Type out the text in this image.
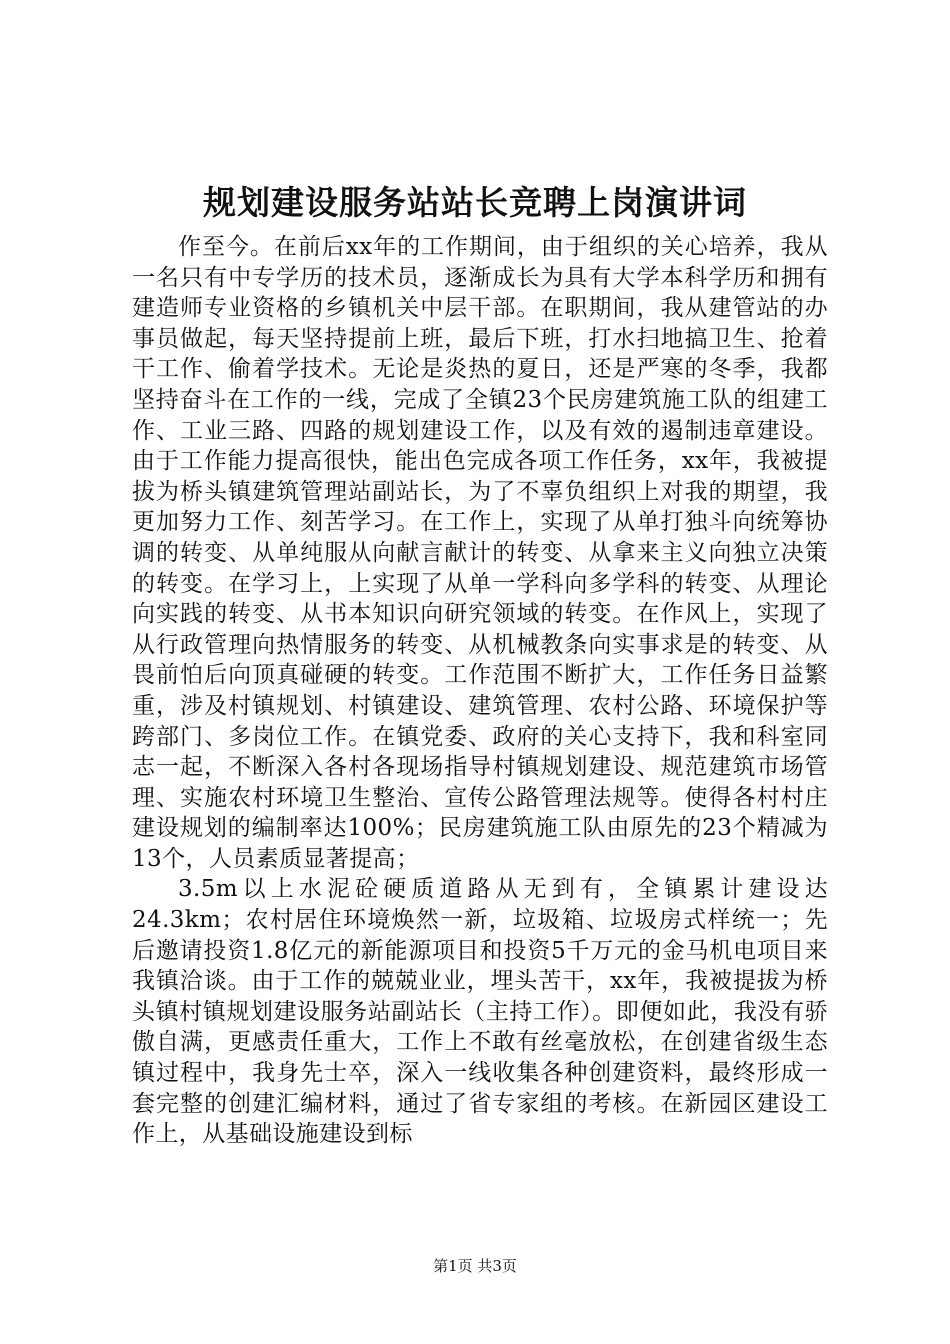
规划建设服务站站长竞聘上岗演讲词

作至今。在前后xx年的工作期间，由于组织的关心培养，我从一名只有中专学历的技术员，逐渐成长为具有大学本科学历和拥有建造师专业资格的乡镇机关中层干部。在职期间，我从建管站的办事员做起，每天坚持提前上班，最后下班，打水扫地搞卫生、抢着干工作、偷着学技术。无论是炎热的夏日，还是严寒的冬季，我都坚持奋斗在工作的一线，完成了全镇23个民房建筑施工队的组建工作、工业三路、四路的规划建设工作，以及有效的遏制违章建设。由于工作能力提高很快，能出色完成各项工作任务，xx年，我被提拔为桥头镇建筑管理站副站长，为了不辜负组织上对我的期望，我更加努力工作、刻苦学习。在工作上，实现了从单打独斗向统筹协调的转变、从单纯服从向献言献计的转变、从拿来主义向独立决策的转变。在学习上，上实现了从单一学科向多学科的转变、从理论向实践的转变、从书本知识向研究领域的转变。在作风上，实现了从行政管理向热情服务的转变、从机械教条向实事求是的转变、从畏前怕后向顶真碰硬的转变。工作范围不断扩大，工作任务日益繁重，涉及村镇规划、村镇建设、建筑管理、农村公路、环境保护等跨部门、多岗位工作。在镇党委、政府的关心支持下，我和科室同志一起，不断深入各村各现场指导村镇规划建设、规范建筑市场管理、实施农村环境卫生整治、宣传公路管理法规等。使得各村村庄建设规划的编制率达100%；民房建筑施工队由原先的23个精减为13个，人员素质显著提高；

3.5m以上水泥砼硬质道路从无到有，全镇累计建设达24.3km；农村居住环境焕然一新，垃圾箱、垃圾房式样统一；先后邀请投资1.8亿元的新能源项目和投资5千万元的金马机电项目来我镇洽谈。由于工作的兢兢业业，埋头苦干，xx年，我被提拔为桥头镇村镇规划建设服务站副站长（主持工作）。即便如此，我没有骄傲自满，更感责任重大，工作上不敢有丝毫放松，在创建省级生态镇过程中，我身先士卒，深入一线收集各种创建资料，最终形成一套完整的创建汇编材料，通过了省专家组的考核。在新园区建设工作上，从基础设施建设到标

第1页 共3页
